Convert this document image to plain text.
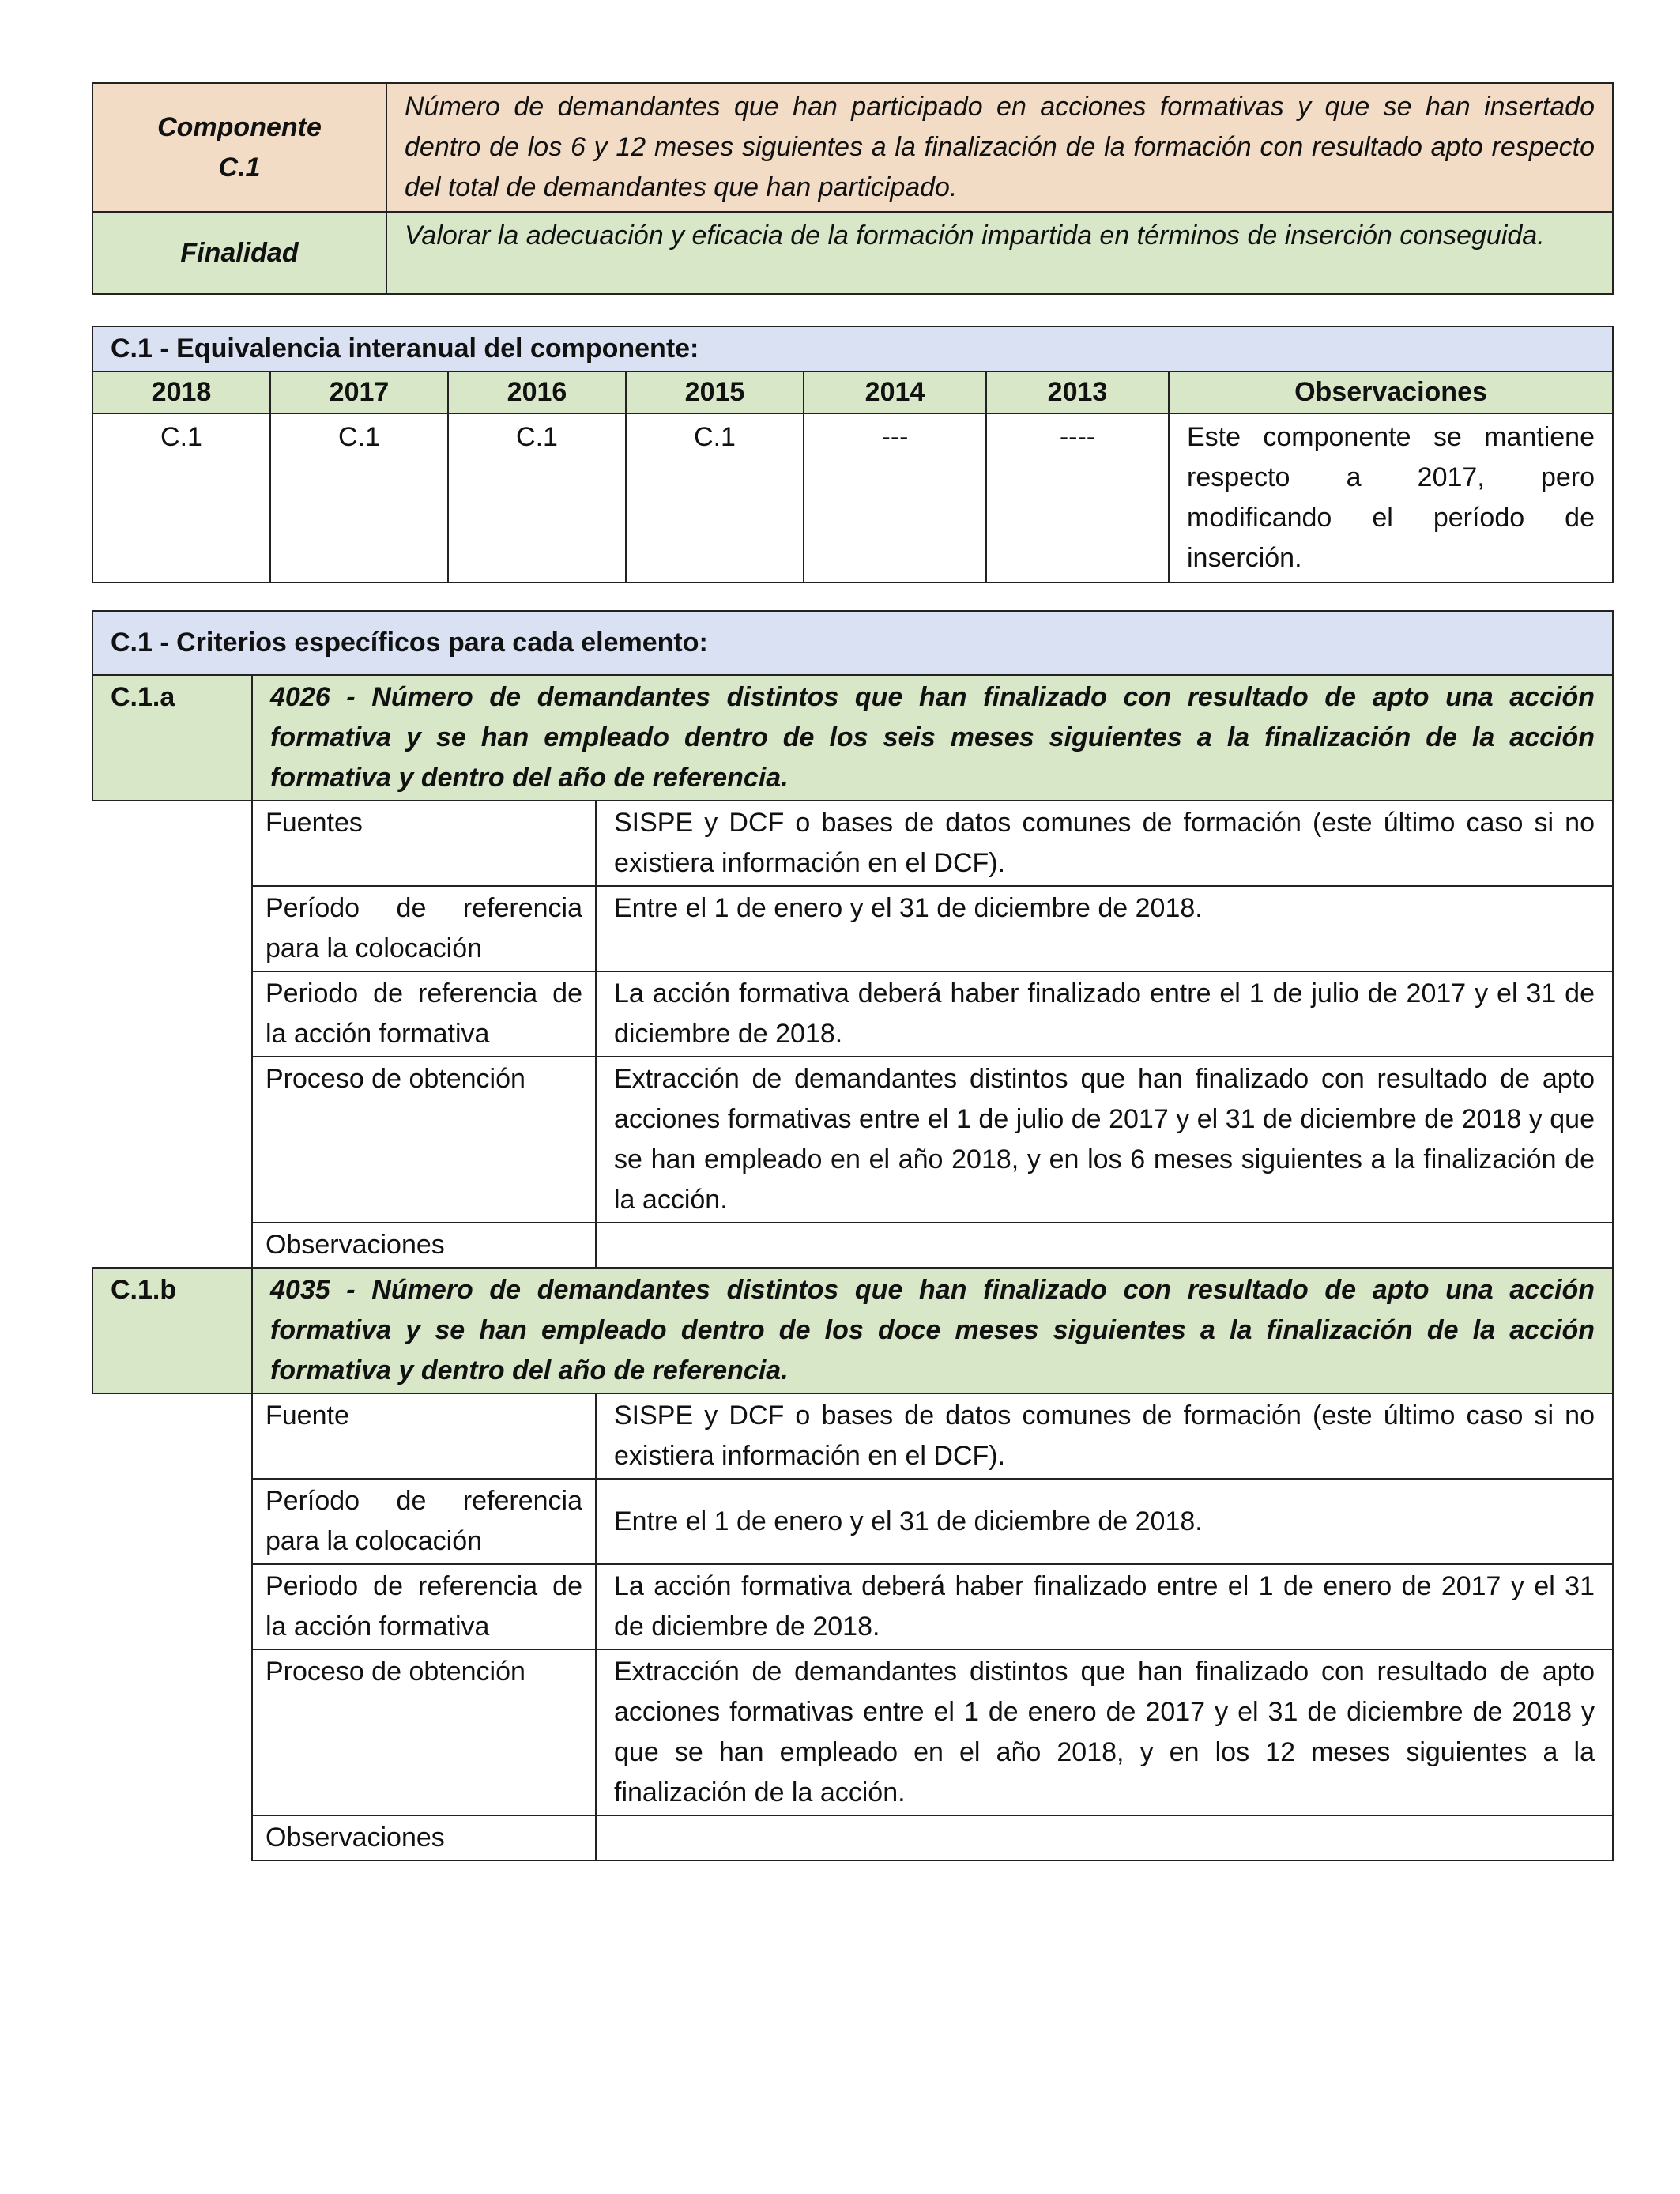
Componente
C.1	Número de demandantes que han participado en acciones formativas y que se han insertado dentro de los 6 y 12 meses siguientes a la finalización de la formación con resultado apto respecto del total de demandantes que han participado.
Finalidad	Valorar la adecuación y eficacia de la formación impartida en términos de inserción conseguida.
C.1 - Equivalencia interanual del componente:						
2018	2017	2016	2015	2014	2013	Observaciones
C.1	C.1	C.1	C.1	---	----	Este componente se mantiene respecto a 2017, pero modificando el período de inserción.
C.1 - Criterios específicos para cada elemento:		
C.1.a	4026 - Número de demandantes distintos que han finalizado con resultado de apto una acción formativa y se han empleado dentro de los seis meses siguientes a la finalización de la acción formativa y dentro del año de referencia.	
	Fuentes	SISPE y DCF o bases de datos comunes de formación (este último caso si no existiera información en el DCF).
	Período de referencia para la colocación	Entre el 1 de enero y el 31 de diciembre de 2018.
	Periodo de referencia de la acción formativa	La acción formativa deberá haber finalizado entre el 1 de julio de 2017 y el 31 de diciembre de 2018.
	Proceso de obtención	Extracción de demandantes distintos que han finalizado con resultado de apto acciones formativas entre el 1 de julio de 2017 y el 31 de diciembre de 2018 y que se han empleado en el año 2018, y en los 6 meses siguientes a la finalización de la acción.
	Observaciones	
C.1.b	4035 - Número de demandantes distintos que han finalizado con resultado de apto una acción formativa y se han empleado dentro de los doce meses siguientes a la finalización de la acción formativa y dentro del año de referencia.	
	Fuente	SISPE y DCF o bases de datos comunes de formación (este último caso si no existiera información en el DCF).
	Período de referencia para la colocación	Entre el 1 de enero y el 31 de diciembre de 2018.
	Periodo de referencia de la acción formativa	La acción formativa deberá haber finalizado entre el 1 de enero de 2017 y el 31 de diciembre de 2018.
	Proceso de obtención	Extracción de demandantes distintos que han finalizado con resultado de apto acciones formativas entre el 1 de enero de 2017 y el 31 de diciembre de 2018 y que se han empleado en el año 2018, y en los 12 meses siguientes a la finalización de la acción.
	Observaciones	
